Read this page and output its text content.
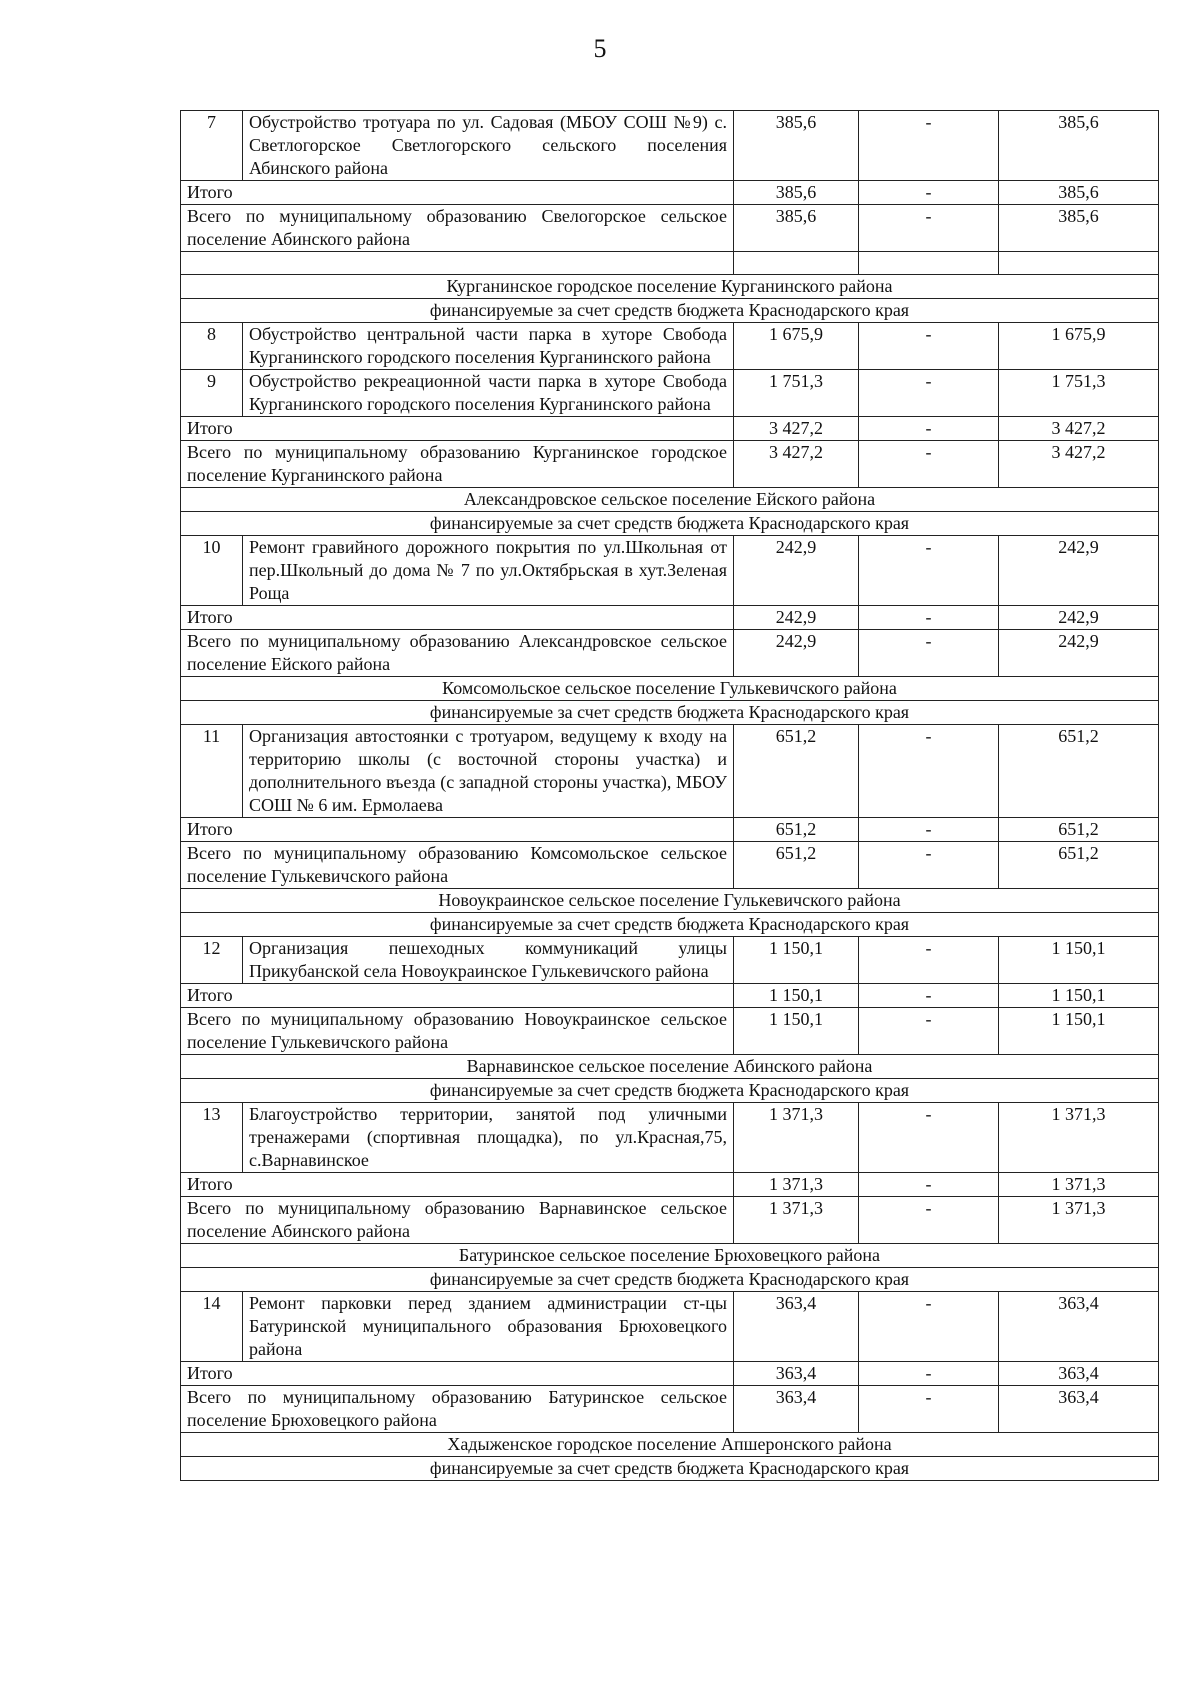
5
7	Обустройство тротуара по ул. Садовая (МБОУ СОШ №9) с. Светлогорское Светлогорского сельского поселения Абинского района	385,6	-	385,6
Итого		385,6	-	385,6
Всего по муниципальному образованию Свелогорское сельское поселение Абинского района		385,6	-	385,6

Курганинское городское поселение Курганинского района				
финансируемые за счет средств бюджета Краснодарского края				
8	Обустройство центральной части парка в хуторе Свобода Курганинского городского поселения Курганинского района	1 675,9	-	1 675,9
9	Обустройство рекреационной части парка в хуторе Свобода Курганинского городского поселения Курганинского района	1 751,3	-	1 751,3
Итого		3 427,2	-	3 427,2
Всего по муниципальному образованию Курганинское городское поселение Курганинского района		3 427,2	-	3 427,2
Александровское сельское поселение Ейского района				
финансируемые за счет средств бюджета Краснодарского края				
10	Ремонт гравийного дорожного покрытия по ул.Школьная от пер.Школьный до дома № 7 по ул.Октябрьская в хут.Зеленая Роща	242,9	-	242,9
Итого		242,9	-	242,9
Всего по муниципальному образованию Александровское сельское поселение Ейского района		242,9	-	242,9
Комсомольское сельское поселение Гулькевичского района				
финансируемые за счет средств бюджета Краснодарского края				
11	Организация автостоянки с тротуаром, ведущему к входу на территорию школы (с восточной стороны участка) и дополнительного въезда (с западной стороны участка), МБОУ СОШ № 6 им. Ермолаева	651,2	-	651,2
Итого		651,2	-	651,2
Всего по муниципальному образованию Комсомольское сельское поселение Гулькевичского района		651,2	-	651,2
Новоукраинское сельское поселение Гулькевичского района				
финансируемые за счет средств бюджета Краснодарского края				
12	Организация пешеходных коммуникаций улицы Прикубанской села Новоукраинское Гулькевичского района	1 150,1	-	1 150,1
Итого		1 150,1	-	1 150,1
Всего по муниципальному образованию Новоукраинское сельское поселение Гулькевичского района		1 150,1	-	1 150,1
Варнавинское сельское поселение Абинского района				
финансируемые за счет средств бюджета Краснодарского края				
13	Благоустройство территории, занятой под уличными тренажерами (спортивная площадка), по ул.Красная,75, с.Варнавинское	1 371,3	-	1 371,3
Итого		1 371,3	-	1 371,3
Всего по муниципальному образованию Варнавинское сельское поселение Абинского района		1 371,3	-	1 371,3
Батуринское сельское поселение Брюховецкого района				
финансируемые за счет средств бюджета Краснодарского края				
14	Ремонт парковки перед зданием администрации ст-цы Батуринской муниципального образования Брюховецкого района	363,4	-	363,4
Итого		363,4	-	363,4
Всего по муниципальному образованию Батуринское сельское поселение Брюховецкого района		363,4	-	363,4
Хадыженское городское поселение Апшеронского района				
финансируемые за счет средств бюджета Краснодарского края				
